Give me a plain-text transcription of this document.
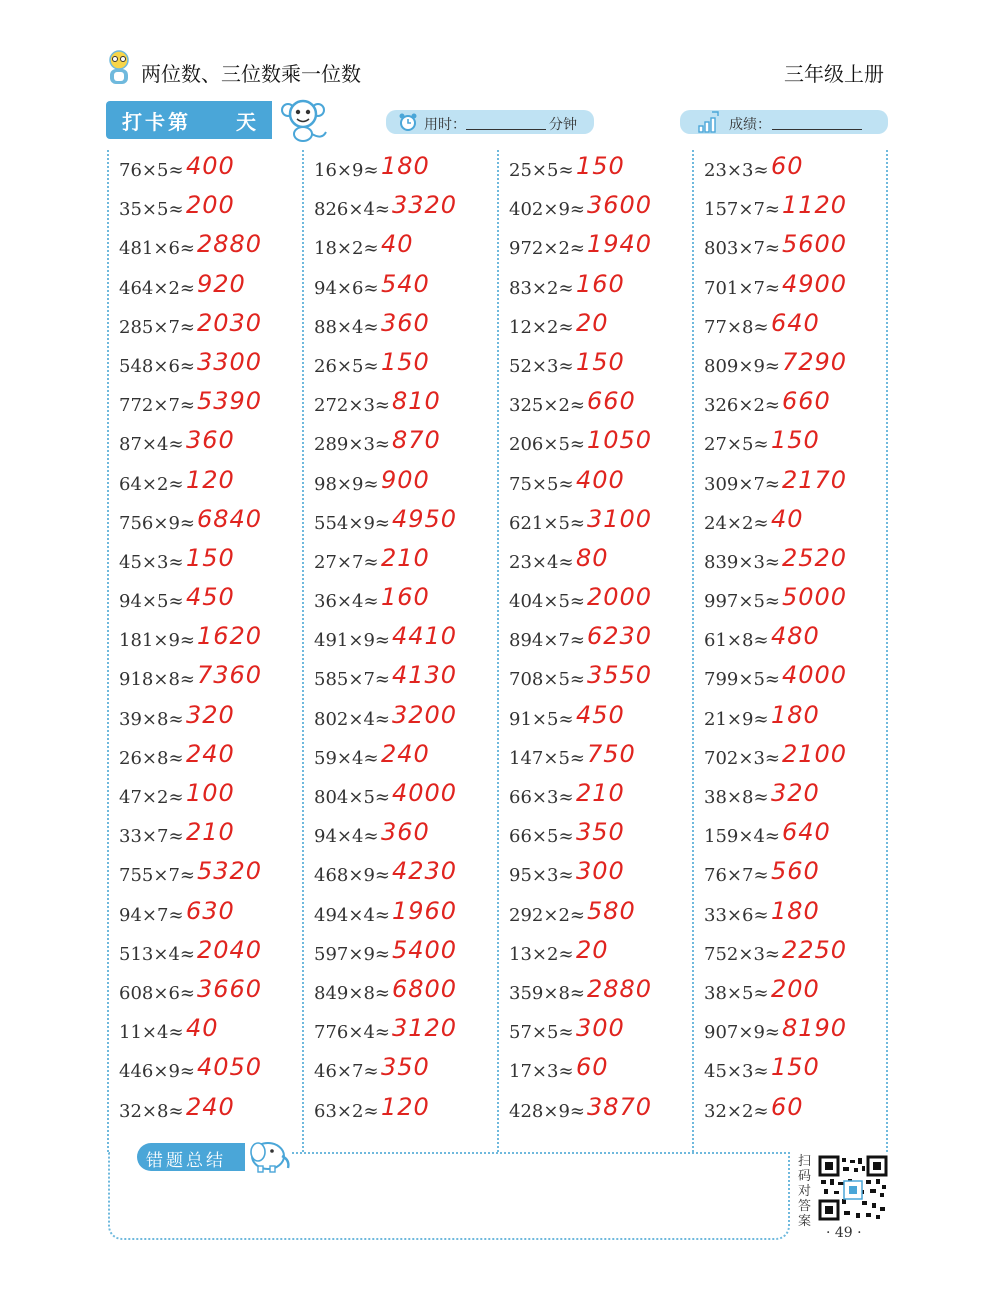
两位数、三位数乘一位数	三年级上册
打卡第 天	用时：	分钟	成绩：
76×5≈ 400
35×5≈ 200
481×6≈ 2880
464×2≈ 920
285×7≈ 2030
548×6≈ 3300
772×7≈ 5390
87×4≈ 360
64×2≈ 120
756×9≈ 6840
45×3≈ 150
94×5≈ 450
181×9≈ 1620
918×8≈ 7360
39×8≈ 320
26×8≈ 240
47×2≈ 100
33×7≈ 210
755×7≈ 5320
94×7≈ 630
513×4≈ 2040
608×6≈ 3660
11×4≈ 40
446×9≈ 4050
32×8≈ 240
16×9≈ 180
826×4≈ 3320
18×2≈ 40
94×6≈ 540
88×4≈ 360
26×5≈ 150
272×3≈ 810
289×3≈ 870
98×9≈ 900
554×9≈ 4950
27×7≈ 210
36×4≈ 160
491×9≈ 4410
585×7≈ 4130
802×4≈ 3200
59×4≈ 240
804×5≈ 4000
94×4≈ 360
468×9≈ 4230
494×4≈ 1960
597×9≈ 5400
849×8≈ 6800
776×4≈ 3120
46×7≈ 350
63×2≈ 120
25×5≈ 150
402×9≈ 3600
972×2≈ 1940
83×2≈ 160
12×2≈ 20
52×3≈ 150
325×2≈ 660
206×5≈ 1050
75×5≈ 400
621×5≈ 3100
23×4≈ 80
404×5≈ 2000
894×7≈ 6230
708×5≈ 3550
91×5≈ 450
147×5≈ 750
66×3≈ 210
66×5≈ 350
95×3≈ 300
292×2≈ 580
13×2≈ 20
359×8≈ 2880
57×5≈ 300
17×3≈ 60
428×9≈ 3870
23×3≈ 60
157×7≈ 1120
803×7≈ 5600
701×7≈ 4900
77×8≈ 640
809×9≈ 7290
326×2≈ 660
27×5≈ 150
309×7≈ 2170
24×2≈ 40
839×3≈ 2520
997×5≈ 5000
61×8≈ 480
799×5≈ 4000
21×9≈ 180
702×3≈ 2100
38×8≈ 320
159×4≈ 640
76×7≈ 560
33×6≈ 180
752×3≈ 2250
38×5≈ 200
907×9≈ 8190
45×3≈ 150
32×2≈ 60
错题总结	扫码对答案
· 49 ·
